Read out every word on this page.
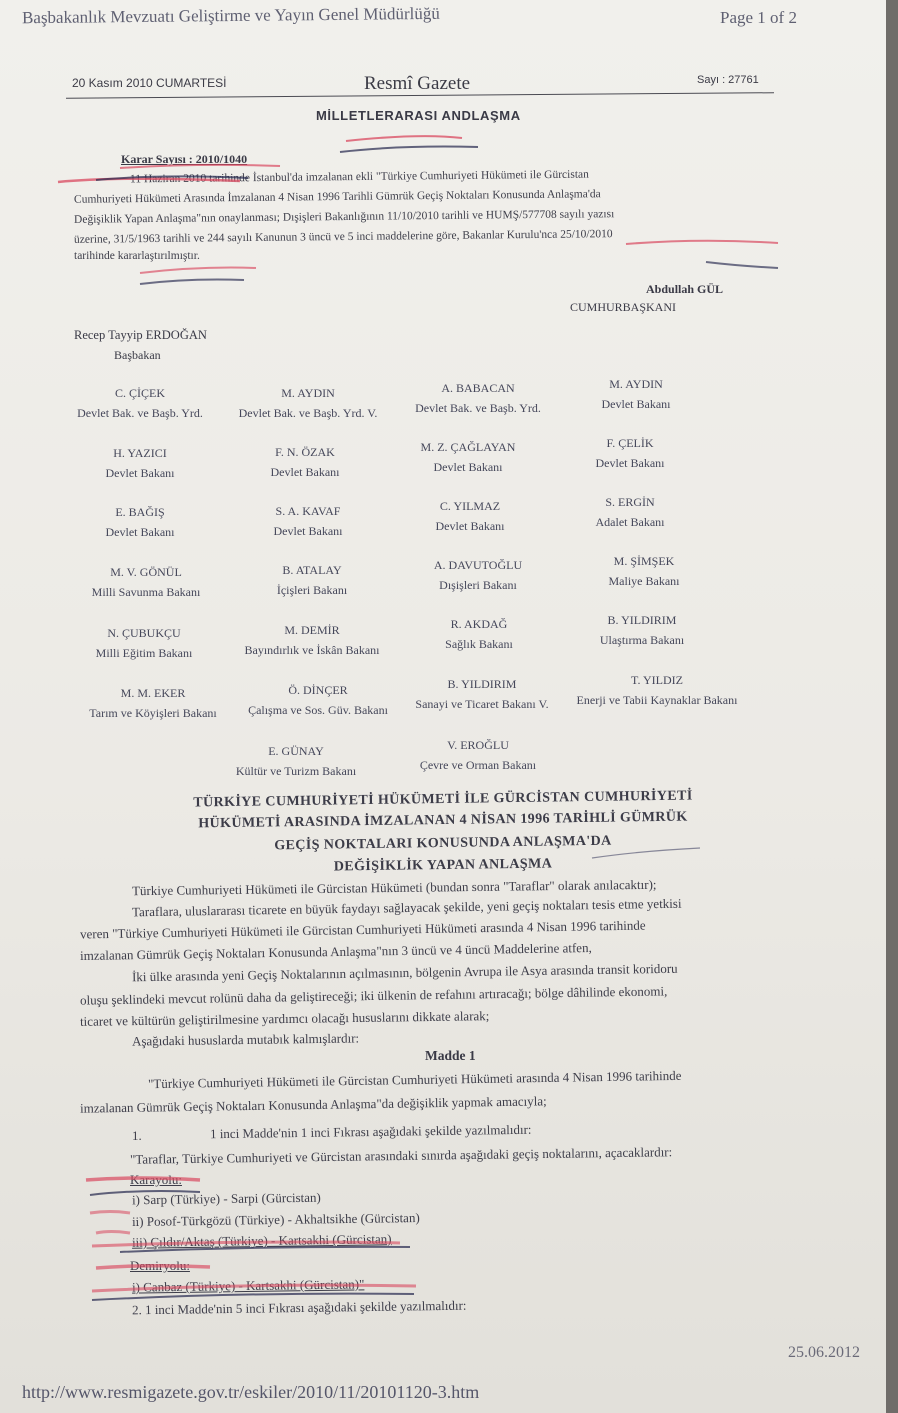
Başbakanlık Mevzuatı Geliştirme ve Yayın Genel Müdürlüğü	Page 1 of 2
20 Kasım 2010 CUMARTESİ	Resmî Gazete	Sayı : 27761
MİLLETLERARASI ANDLAŞMA
Karar Sayısı : 2010/1040
11 Haziran 2010 tarihinde İstanbul'da imzalanan ekli "Türkiye Cumhuriyeti Hükümeti ile Gürcistan
Cumhuriyeti Hükümeti Arasında İmzalanan 4 Nisan 1996 Tarihli Gümrük Geçiş Noktaları Konusunda Anlaşma'da
Değişiklik Yapan Anlaşma"nın onaylanması; Dışişleri Bakanlığının 11/10/2010 tarihli ve HUMŞ/577708 sayılı yazısı
üzerine, 31/5/1963 tarihli ve 244 sayılı Kanunun 3 üncü ve 5 inci maddelerine göre, Bakanlar Kurulu'nca 25/10/2010
tarihinde kararlaştırılmıştır.
Abdullah GÜL
CUMHURBAŞKANI
Recep Tayyip ERDOĞAN
Başbakan
C. ÇİÇEK
Devlet Bak. ve Başb. Yrd.
M. AYDIN
Devlet Bak. ve Başb. Yrd. V.
A. BABACAN
Devlet Bak. ve Başb. Yrd.
M. AYDIN
Devlet Bakanı
H. YAZICI
Devlet Bakanı
F. N. ÖZAK
Devlet Bakanı
M. Z. ÇAĞLAYAN
Devlet Bakanı
F. ÇELİK
Devlet Bakanı
E. BAĞIŞ
Devlet Bakanı
S. A. KAVAF
Devlet Bakanı
C. YILMAZ
Devlet Bakanı
S. ERGİN
Adalet Bakanı
M. V. GÖNÜL
Milli Savunma Bakanı
B. ATALAY
İçişleri Bakanı
A. DAVUTOĞLU
Dışişleri Bakanı
M. ŞİMŞEK
Maliye Bakanı
N. ÇUBUKÇU
Milli Eğitim Bakanı
M. DEMİR
Bayındırlık ve İskân Bakanı
R. AKDAĞ
Sağlık Bakanı
B. YILDIRIM
Ulaştırma Bakanı
M. M. EKER
Tarım ve Köyişleri Bakanı
Ö. DİNÇER
Çalışma ve Sos. Güv. Bakanı
B. YILDIRIM
Sanayi ve Ticaret Bakanı V.
T. YILDIZ
Enerji ve Tabii Kaynaklar Bakanı
E. GÜNAY
Kültür ve Turizm Bakanı
V. EROĞLU
Çevre ve Orman Bakanı
TÜRKİYE CUMHURİYETİ HÜKÜMETİ İLE GÜRCİSTAN CUMHURİYETİ
HÜKÜMETİ ARASINDA İMZALANAN 4 NİSAN 1996 TARİHLİ GÜMRÜK
GEÇİŞ NOKTALARI KONUSUNDA ANLAŞMA'DA
DEĞİŞİKLİK YAPAN ANLAŞMA
Türkiye Cumhuriyeti Hükümeti ile Gürcistan Hükümeti (bundan sonra "Taraflar" olarak anılacaktır);
Taraflara, uluslararası ticarete en büyük faydayı sağlayacak şekilde, yeni geçiş noktaları tesis etme yetkisi
veren "Türkiye Cumhuriyeti Hükümeti ile Gürcistan Cumhuriyeti Hükümeti arasında 4 Nisan 1996 tarihinde
imzalanan Gümrük Geçiş Noktaları Konusunda Anlaşma"nın 3 üncü ve 4 üncü Maddelerine atfen,
İki ülke arasında yeni Geçiş Noktalarının açılmasının, bölgenin Avrupa ile Asya arasında transit koridoru
oluşu şeklindeki mevcut rolünü daha da geliştireceği; iki ülkenin de refahını artıracağı; bölge dâhilinde ekonomi,
ticaret ve kültürün geliştirilmesine yardımcı olacağı hususlarını dikkate alarak;
Aşağıdaki hususlarda mutabık kalmışlardır:
Madde 1
"Türkiye Cumhuriyeti Hükümeti ile Gürcistan Cumhuriyeti Hükümeti arasında 4 Nisan 1996 tarihinde
imzalanan Gümrük Geçiş Noktaları Konusunda Anlaşma"da değişiklik yapmak amacıyla;
1.	1 inci Madde'nin 1 inci Fıkrası aşağıdaki şekilde yazılmalıdır:
"Taraflar, Türkiye Cumhuriyeti ve Gürcistan arasındaki sınırda aşağıdaki geçiş noktalarını, açacaklardır:
Karayolu:
i) Sarp (Türkiye) - Sarpi (Gürcistan)
ii) Posof-Türkgözü (Türkiye) - Akhaltsikhe (Gürcistan)
iii) Çıldır/Aktaş (Türkiye) - Kartsakhi (Gürcistan)
Demiryolu:
i) Canbaz (Türkiye) - Kartsakhi (Gürcistan)"
2. 1 inci Madde'nin 5 inci Fıkrası aşağıdaki şekilde yazılmalıdır:
25.06.2012
http://www.resmigazete.gov.tr/eskiler/2010/11/20101120-3.htm
